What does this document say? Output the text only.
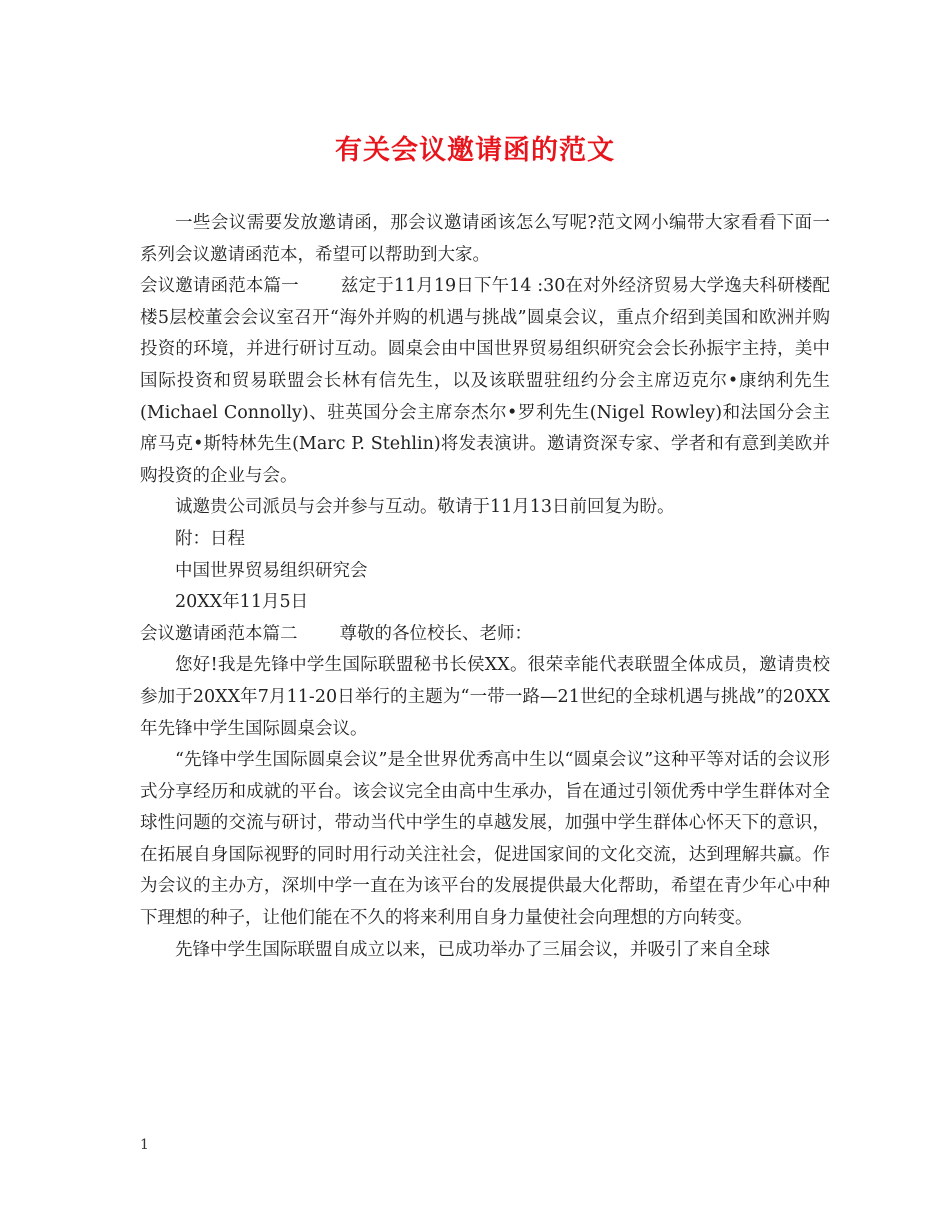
有关会议邀请函的范文

一些会议需要发放邀请函，那会议邀请函该怎么写呢?范文网小编带大家看看下面一系列会议邀请函范本，希望可以帮助到大家。

会议邀请函范本篇一 兹定于11月19日下午14 :30在对外经济贸易大学逸夫科研楼配楼5层校董会会议室召开“海外并购的机遇与挑战”圆桌会议，重点介绍到美国和欧洲并购投资的环境，并进行研讨互动。圆桌会由中国世界贸易组织研究会会长孙振宇主持，美中国际投资和贸易联盟会长林有信先生，以及该联盟驻纽约分会主席迈克尔•康纳利先生(Michael Connolly)、驻英国分会主席奈杰尔•罗利先生(Nigel Rowley)和法国分会主席马克•斯特林先生(Marc P. Stehlin)将发表演讲。邀请资深专家、学者和有意到美欧并购投资的企业与会。

诚邀贵公司派员与会并参与互动。敬请于11月13日前回复为盼。

附：日程

中国世界贸易组织研究会

20XX年11月5日

会议邀请函范本篇二 尊敬的各位校长、老师：

您好!我是先锋中学生国际联盟秘书长侯XX。很荣幸能代表联盟全体成员，邀请贵校参加于20XX年7月11-20日举行的主题为“一带一路—21世纪的全球机遇与挑战”的20XX年先锋中学生国际圆桌会议。

“先锋中学生国际圆桌会议”是全世界优秀高中生以“圆桌会议”这种平等对话的会议形式分享经历和成就的平台。该会议完全由高中生承办，旨在通过引领优秀中学生群体对全球性问题的交流与研讨，带动当代中学生的卓越发展，加强中学生群体心怀天下的意识，在拓展自身国际视野的同时用行动关注社会，促进国家间的文化交流，达到理解共赢。作为会议的主办方，深圳中学一直在为该平台的发展提供最大化帮助，希望在青少年心中种下理想的种子，让他们能在不久的将来利用自身力量使社会向理想的方向转变。

先锋中学生国际联盟自成立以来，已成功举办了三届会议，并吸引了来自全球

1
